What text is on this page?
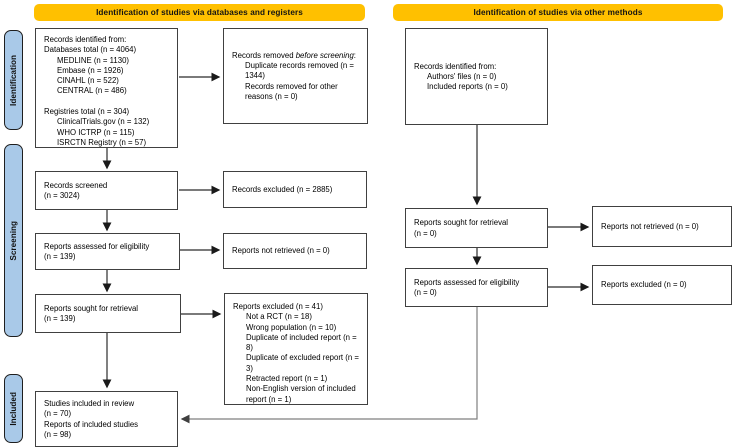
Identification of studies via databases and registers	Identification of studies via other methods
Identification
Screening
Included
Records identified from:
Databases total (n = 4064)
MEDLINE (n = 1130)
Embase (n = 1926)
CINAHL (n = 522)
CENTRAL (n = 486)

Registries total (n = 304)
ClinicalTrials.gov (n = 132)
WHO ICTRP (n = 115)
ISRCTN Registry (n = 57)
Records removed before screening:
Duplicate records removed (n = 1344)
Records removed for other reasons (n = 0)
Records identified from:
Authors' files (n = 0)
Included reports (n = 0)
Records screened
(n = 3024)
Records excluded (n = 2885)
Reports assessed for eligibility
(n = 139)
Reports not retrieved (n = 0)
Reports sought for retrieval
(n = 139)
Reports excluded (n = 41)
Not a RCT (n = 18)
Wrong population (n = 10)
Duplicate of included report (n = 8)
Duplicate of excluded report (n = 3)
Retracted report (n = 1)
Non-English version of included report (n = 1)
Studies included in review
(n = 70)
Reports of included studies
(n = 98)
Reports sought for retrieval
(n = 0)
Reports not retrieved (n = 0)
Reports assessed for eligibility
(n = 0)
Reports excluded (n = 0)
